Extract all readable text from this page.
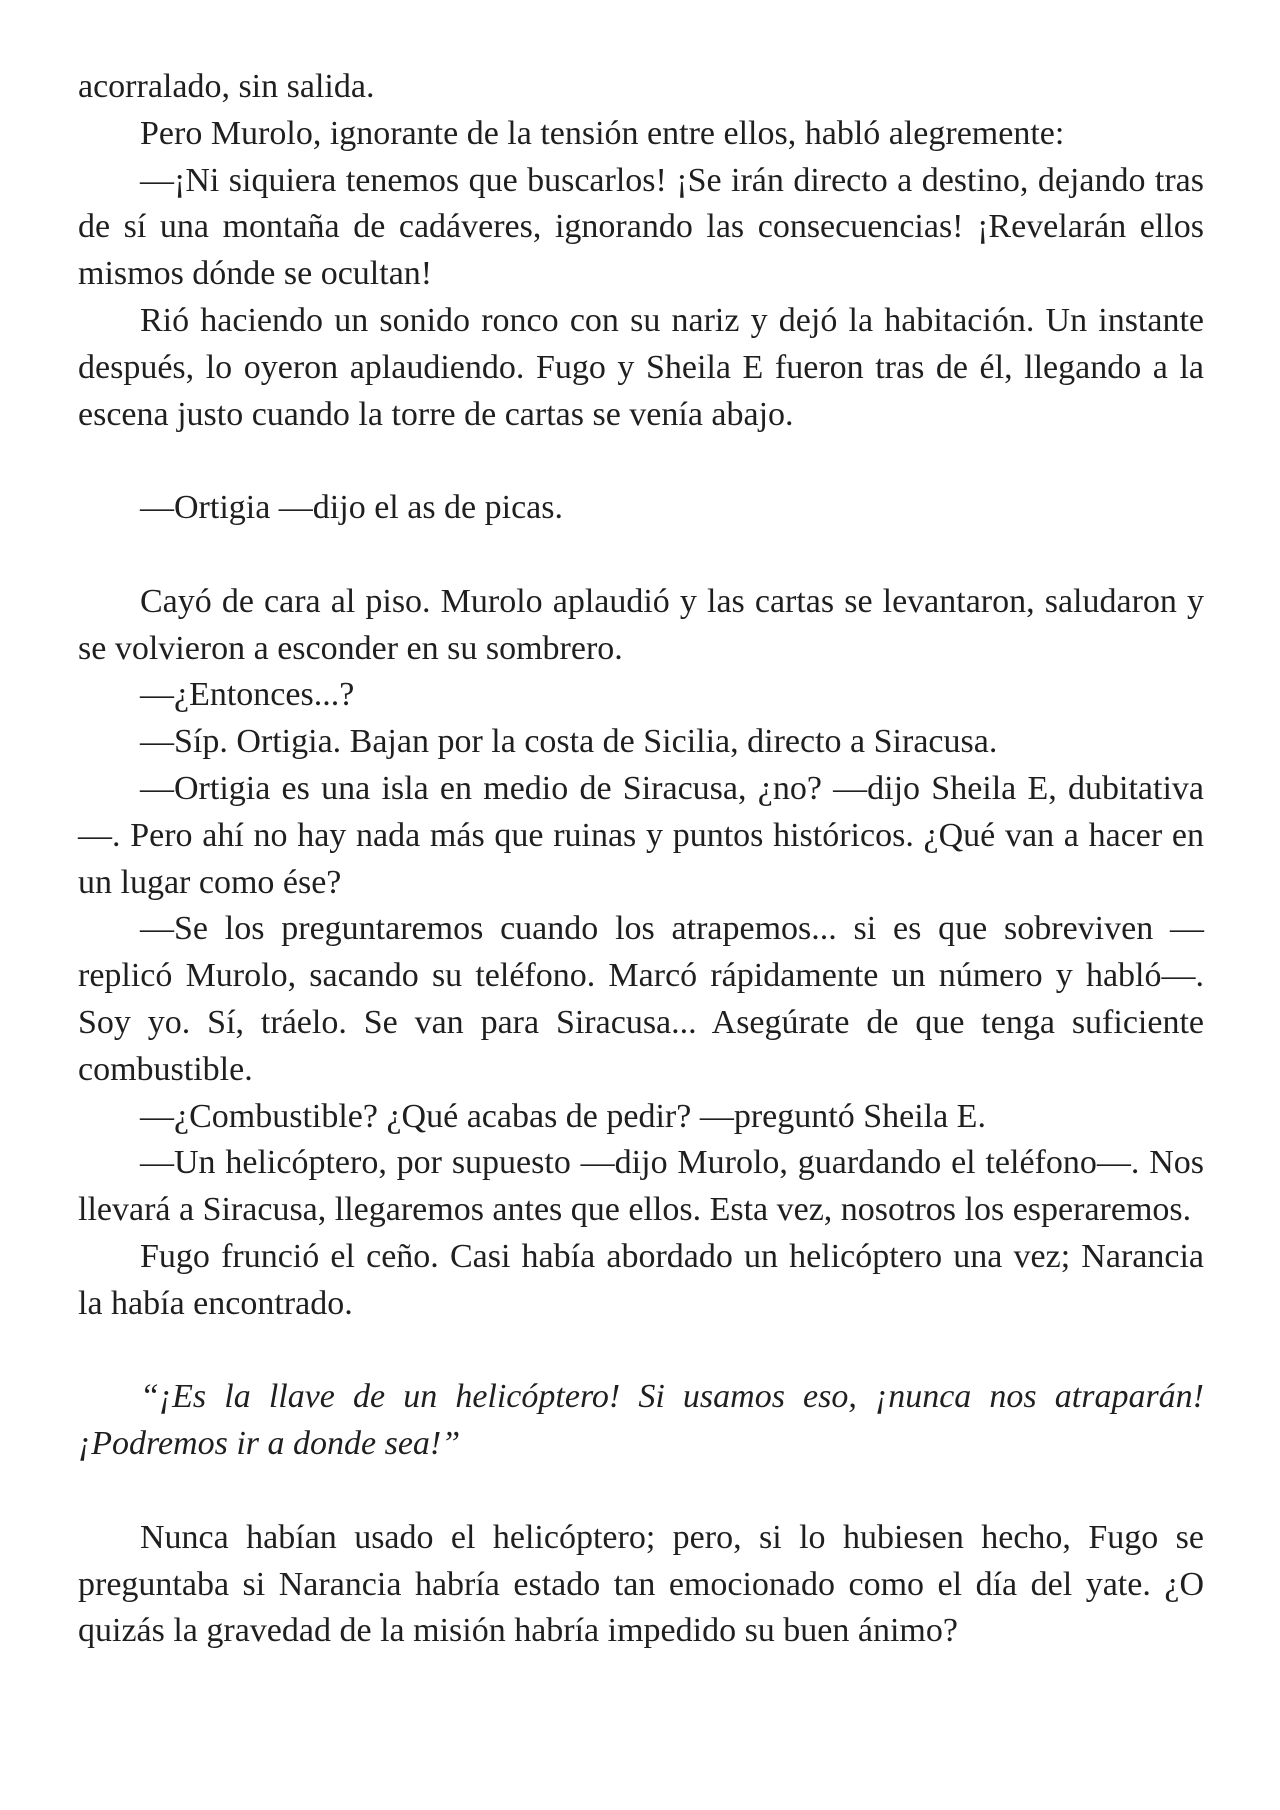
acorralado, sin salida.

Pero Murolo, ignorante de la tensión entre ellos, habló alegremente:

—¡Ni siquiera tenemos que buscarlos! ¡Se irán directo a destino, dejando tras de sí una montaña de cadáveres, ignorando las consecuencias! ¡Revelarán ellos mismos dónde se ocultan!

Rió haciendo un sonido ronco con su nariz y dejó la habitación. Un instante después, lo oyeron aplaudiendo. Fugo y Sheila E fueron tras de él, llegando a la escena justo cuando la torre de cartas se venía abajo.

—Ortigia —dijo el as de picas.

Cayó de cara al piso. Murolo aplaudió y las cartas se levantaron, saludaron y se volvieron a esconder en su sombrero.

—¿Entonces...?

—Síp. Ortigia. Bajan por la costa de Sicilia, directo a Siracusa.

—Ortigia es una isla en medio de Siracusa, ¿no? —dijo Sheila E, dubitativa—. Pero ahí no hay nada más que ruinas y puntos históricos. ¿Qué van a hacer en un lugar como ése?

—Se los preguntaremos cuando los atrapemos... si es que sobreviven —replicó Murolo, sacando su teléfono. Marcó rápidamente un número y habló—. Soy yo. Sí, tráelo. Se van para Siracusa... Asegúrate de que tenga suficiente combustible.

—¿Combustible? ¿Qué acabas de pedir? —preguntó Sheila E.

—Un helicóptero, por supuesto —dijo Murolo, guardando el teléfono—. Nos llevará a Siracusa, llegaremos antes que ellos. Esta vez, nosotros los esperaremos.

Fugo frunció el ceño. Casi había abordado un helicóptero una vez; Narancia la había encontrado.

“¡Es la llave de un helicóptero! Si usamos eso, ¡nunca nos atraparán! ¡Podremos ir a donde sea!”

Nunca habían usado el helicóptero; pero, si lo hubiesen hecho, Fugo se preguntaba si Narancia habría estado tan emocionado como el día del yate. ¿O quizás la gravedad de la misión habría impedido su buen ánimo?
